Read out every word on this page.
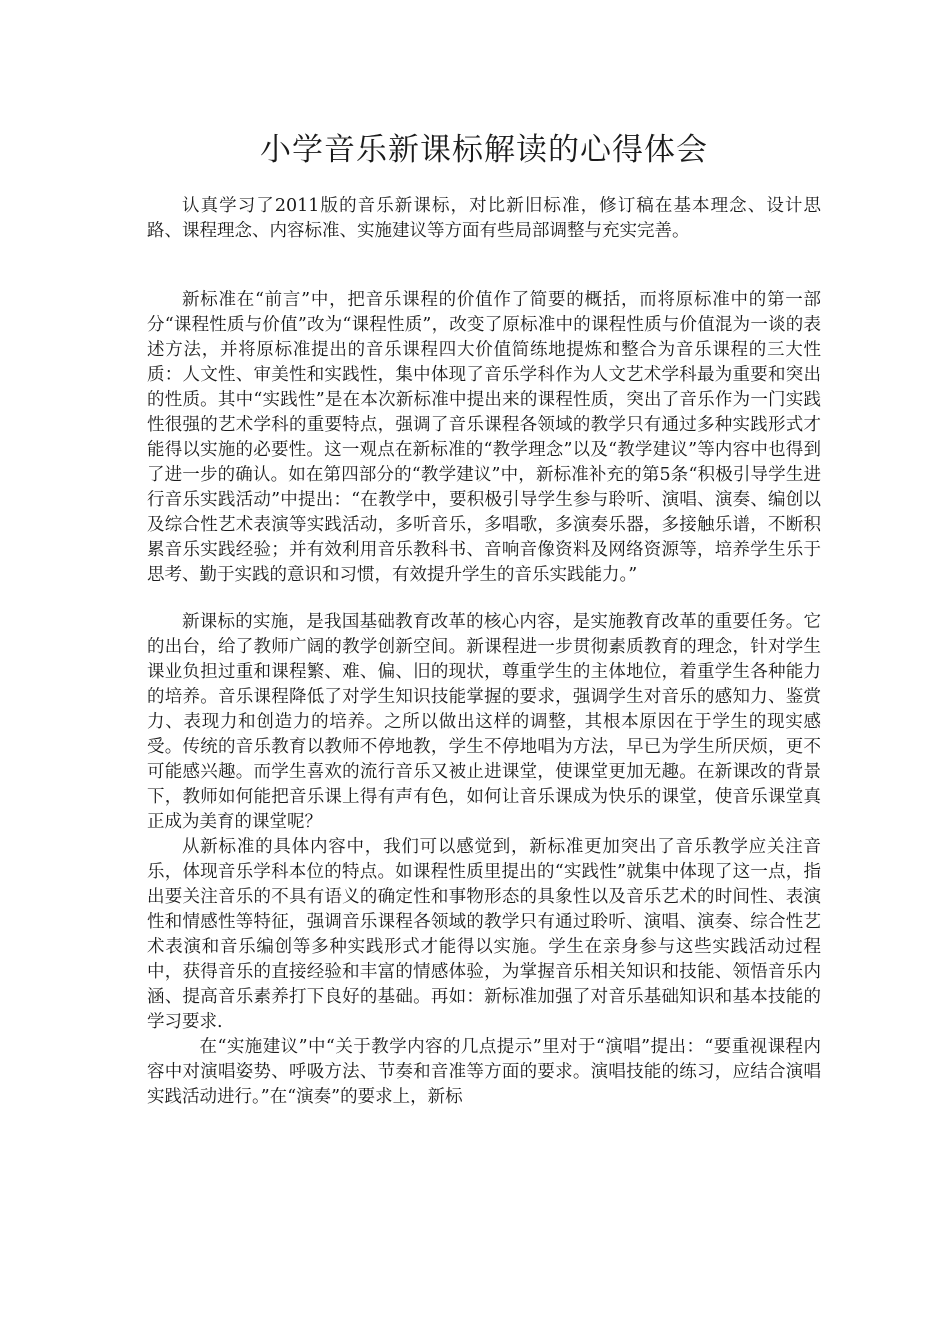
小学音乐新课标解读的心得体会

认真学习了2011版的音乐新课标，对比新旧标准，修订稿在基本理念、设计思路、课程理念、内容标准、实施建议等方面有些局部调整与充实完善。

新标准在“前言”中，把音乐课程的价值作了简要的概括，而将原标准中的第一部分“课程性质与价值”改为“课程性质”，改变了原标准中的课程性质与价值混为一谈的表述方法，并将原标准提出的音乐课程四大价值简练地提炼和整合为音乐课程的三大性质：人文性、审美性和实践性，集中体现了音乐学科作为人文艺术学科最为重要和突出的性质。其中“实践性”是在本次新标准中提出来的课程性质，突出了音乐作为一门实践性很强的艺术学科的重要特点，强调了音乐课程各领域的教学只有通过多种实践形式才能得以实施的必要性。这一观点在新标准的“教学理念”以及“教学建议”等内容中也得到了进一步的确认。如在第四部分的“教学建议”中，新标准补充的第5条“积极引导学生进行音乐实践活动”中提出：“在教学中，要积极引导学生参与聆听、演唱、演奏、编创以及综合性艺术表演等实践活动，多听音乐，多唱歌，多演奏乐器，多接触乐谱，不断积累音乐实践经验；并有效利用音乐教科书、音响音像资料及网络资源等，培养学生乐于思考、勤于实践的意识和习惯，有效提升学生的音乐实践能力。”

新课标的实施，是我国基础教育改革的核心内容，是实施教育改革的重要任务。它的出台，给了教师广阔的教学创新空间。新课程进一步贯彻素质教育的理念，针对学生课业负担过重和课程繁、难、偏、旧的现状，尊重学生的主体地位，着重学生各种能力的培养。音乐课程降低了对学生知识技能掌握的要求，强调学生对音乐的感知力、鉴赏力、表现力和创造力的培养。之所以做出这样的调整，其根本原因在于学生的现实感受。传统的音乐教育以教师不停地教，学生不停地唱为方法，早已为学生所厌烦，更不可能感兴趣。而学生喜欢的流行音乐又被止进课堂，使课堂更加无趣。在新课改的背景下，教师如何能把音乐课上得有声有色，如何让音乐课成为快乐的课堂，使音乐课堂真正成为美育的课堂呢？

从新标准的具体内容中，我们可以感觉到，新标准更加突出了音乐教学应关注音乐，体现音乐学科本位的特点。如课程性质里提出的“实践性”就集中体现了这一点，指出要关注音乐的不具有语义的确定性和事物形态的具象性以及音乐艺术的时间性、表演性和情感性等特征，强调音乐课程各领域的教学只有通过聆听、演唱、演奏、综合性艺术表演和音乐编创等多种实践形式才能得以实施。学生在亲身参与这些实践活动过程中，获得音乐的直接经验和丰富的情感体验，为掌握音乐相关知识和技能、领悟音乐内涵、提高音乐素养打下良好的基础。再如：新标准加强了对音乐基础知识和基本技能的学习要求.

在“实施建议”中“关于教学内容的几点提示”里对于“演唱”提出：“要重视课程内容中对演唱姿势、呼吸方法、节奏和音准等方面的要求。演唱技能的练习，应结合演唱实践活动进行。”在“演奏”的要求上，新标
